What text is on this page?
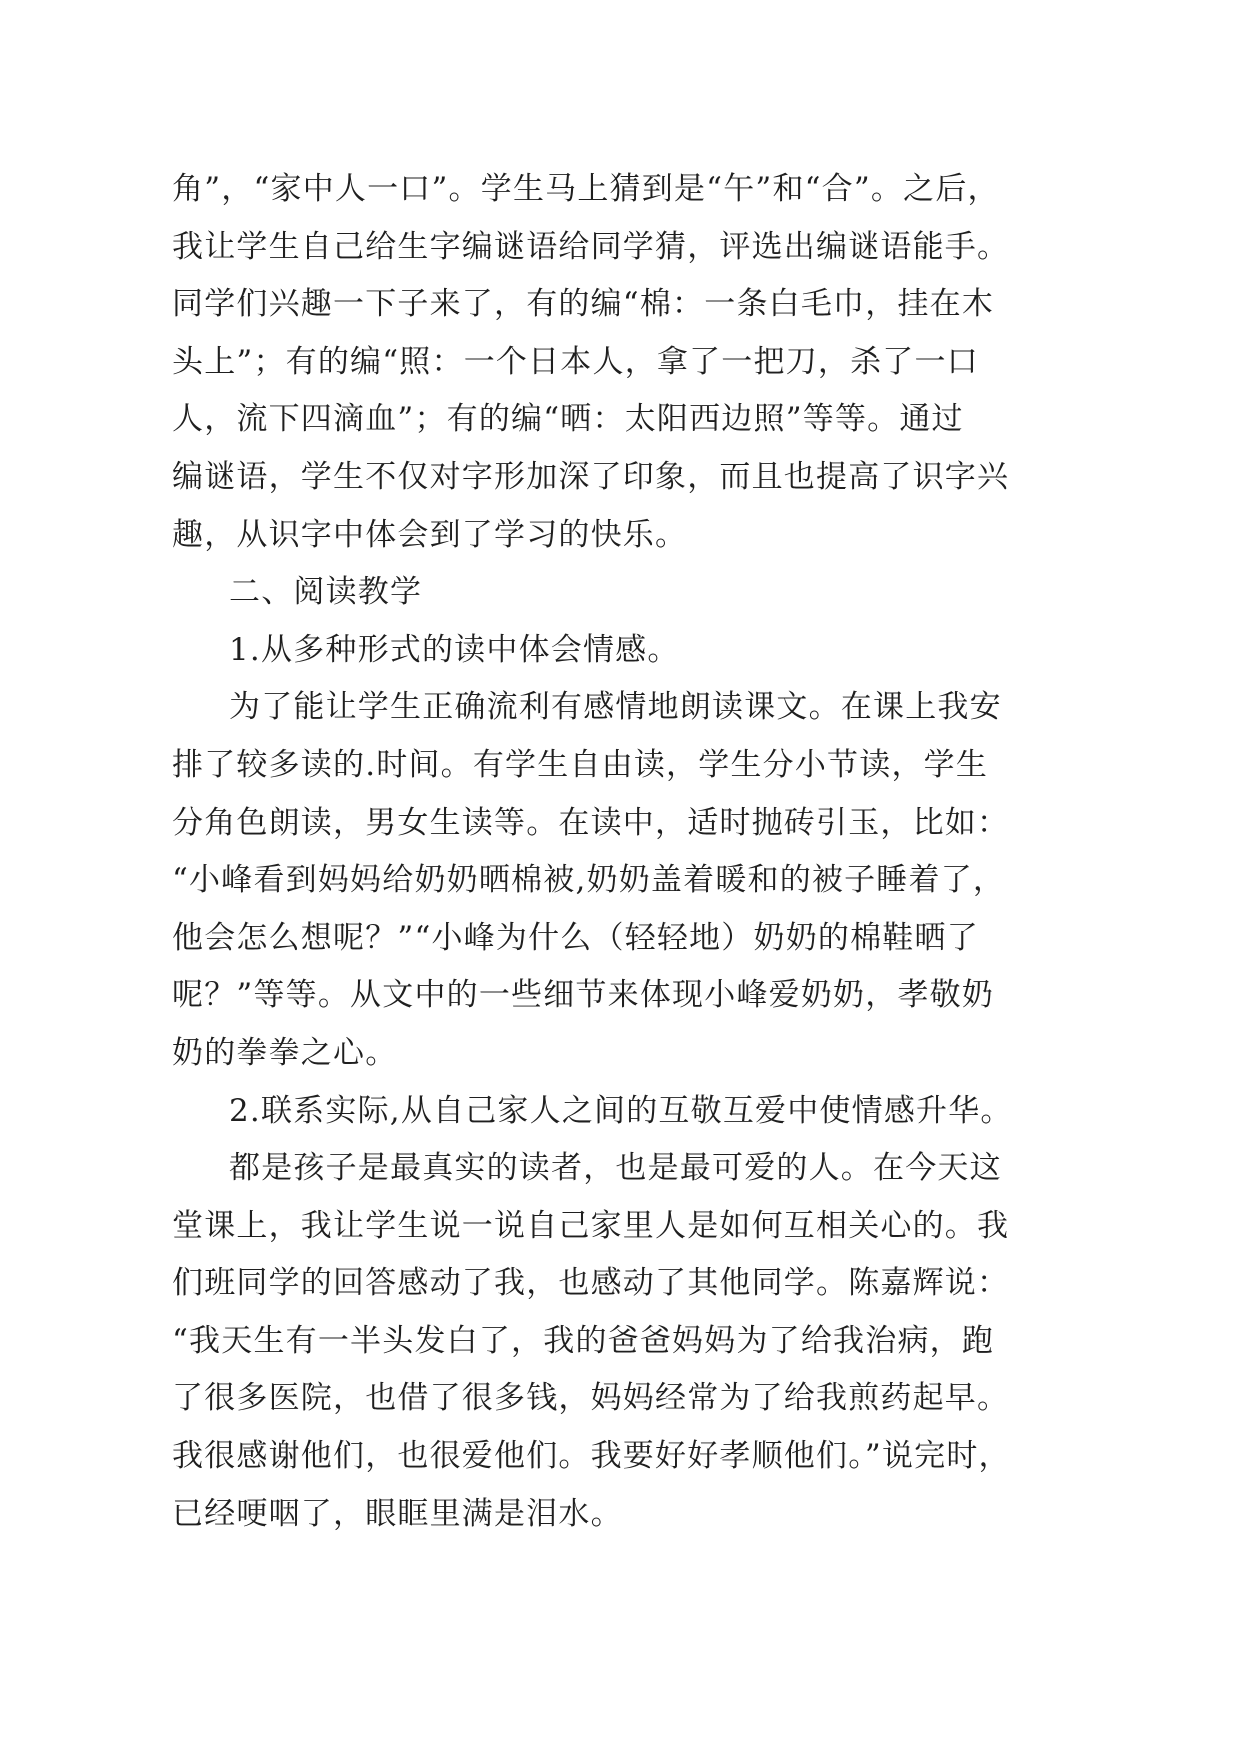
角”，“家中人一口”。学生马上猜到是“午”和“合”。之后，
我让学生自己给生字编谜语给同学猜，评选出编谜语能手。
同学们兴趣一下子来了，有的编“棉：一条白毛巾，挂在木
头上”；有的编“照：一个日本人，拿了一把刀，杀了一口
人，流下四滴血”；有的编“晒：太阳西边照”等等。通过
编谜语，学生不仅对字形加深了印象，而且也提高了识字兴
趣，从识字中体会到了学习的快乐。
二、阅读教学
1.从多种形式的读中体会情感。
为了能让学生正确流利有感情地朗读课文。在课上我安
排了较多读的.时间。有学生自由读，学生分小节读，学生
分角色朗读，男女生读等。在读中，适时抛砖引玉，比如：
“小峰看到妈妈给奶奶晒棉被,奶奶盖着暖和的被子睡着了，
他会怎么想呢？”“小峰为什么（轻轻地）奶奶的棉鞋晒了
呢？”等等。从文中的一些细节来体现小峰爱奶奶，孝敬奶
奶的拳拳之心。
2.联系实际,从自己家人之间的互敬互爱中使情感升华。
都是孩子是最真实的读者，也是最可爱的人。在今天这
堂课上，我让学生说一说自己家里人是如何互相关心的。我
们班同学的回答感动了我，也感动了其他同学。陈嘉辉说：
“我天生有一半头发白了，我的爸爸妈妈为了给我治病，跑
了很多医院，也借了很多钱，妈妈经常为了给我煎药起早。
我很感谢他们，也很爱他们。我要好好孝顺他们。”说完时，
已经哽咽了，眼眶里满是泪水。
